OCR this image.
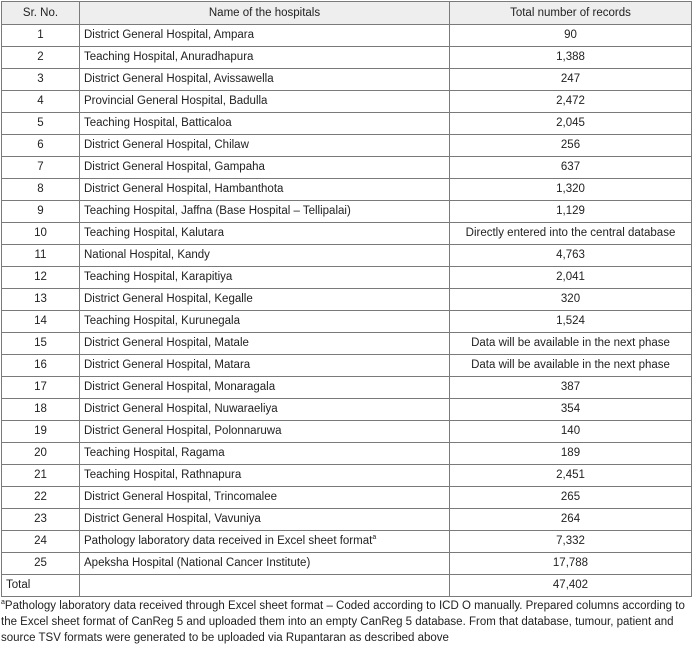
Sr. No.	Name of the hospitals	Total number of records
1	District General Hospital, Ampara	90
2	Teaching Hospital, Anuradhapura	1,388
3	District General Hospital, Avissawella	247
4	Provincial General Hospital, Badulla	2,472
5	Teaching Hospital, Batticaloa	2,045
6	District General Hospital, Chilaw	256
7	District General Hospital, Gampaha	637
8	District General Hospital, Hambanthota	1,320
9	Teaching Hospital, Jaffna (Base Hospital – Tellipalai)	1,129
10	Teaching Hospital, Kalutara	Directly entered into the central database
11	National Hospital, Kandy	4,763
12	Teaching Hospital, Karapitiya	2,041
13	District General Hospital, Kegalle	320
14	Teaching Hospital, Kurunegala	1,524
15	District General Hospital, Matale	Data will be available in the next phase
16	District General Hospital, Matara	Data will be available in the next phase
17	District General Hospital, Monaragala	387
18	District General Hospital, Nuwaraeliya	354
19	District General Hospital, Polonnaruwa	140
20	Teaching Hospital, Ragama	189
21	Teaching Hospital, Rathnapura	2,451
22	District General Hospital, Trincomalee	265
23	District General Hospital, Vavuniya	264
24	Pathology laboratory data received in Excel sheet format$^a$	7,332
25	Apeksha Hospital (National Cancer Institute)	17,788
Total		47,402
$^a$Pathology laboratory data received through Excel sheet format – Coded according to ICD O manually. Prepared columns according to the Excel sheet format of CanReg 5 and uploaded them into an empty CanReg 5 database. From that database, tumour, patient and source TSV formats were generated to be uploaded via Rupantaran as described above
